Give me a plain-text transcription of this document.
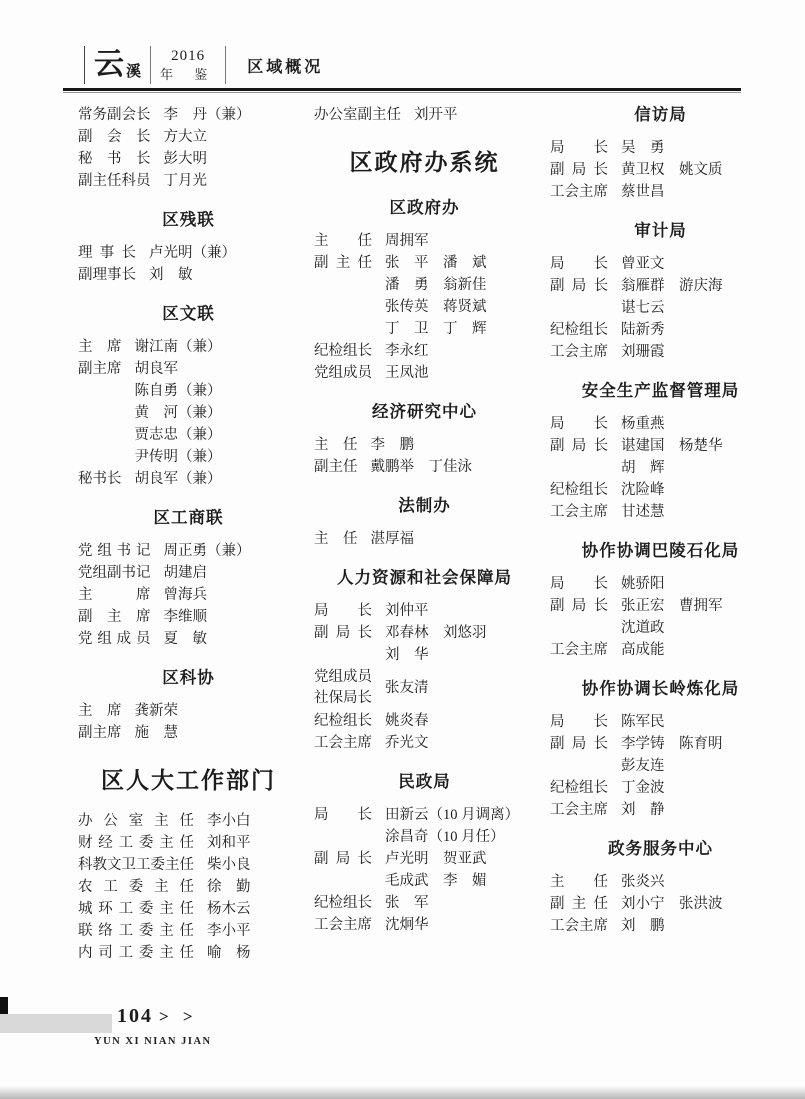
云 溪
2016
年 鉴 区域概况
常务副会长 李　丹（兼）
副会长 方大立
秘书长 彭大明
副主任科员 丁月光
区残联
理事长 卢光明（兼）
副理事长 刘　敏
区文联
主席 谢江南（兼）
副主席 胡良军
陈自勇（兼）
黄　河（兼）
贾志忠（兼）
尹传明（兼）
秘书长 胡良军（兼）
区工商联
党组书记 周正勇（兼）
党组副书记 胡建启
主席 曾海兵
副主席 李维顺
党组成员 夏　敏
区科协
主席 龚新荣
副主席 施　慧
区人大工作部门
办公室主任 李小白
财经工委主任 刘和平
科教文卫工委主任 柴小良
农工委主任 徐　勤
城环工委主任 杨木云
联络工委主任 李小平
内司工委主任 喻　杨
办公室副主任 刘开平
区政府办系统
区政府办
主任 周拥军
副主任 张　平　潘　斌
潘　勇　翁新佳
张传英　蒋贤斌
丁　卫　丁　辉
纪检组长 李永红
党组成员 王凤池
经济研究中心
主任 李　鹏
副主任 戴鹏举　丁佳泳
法制办
主任 湛厚福
人力资源和社会保障局
局长 刘仲平
副局长 邓春林　刘悠羽
刘　华
党组成员
社保局长
张友清
纪检组长 姚炎春
工会主席 乔光文
民政局
局长 田新云（10 月调离）
涂昌奇（10 月任）
副局长 卢光明　贺亚武
毛成武　李　媚
纪检组长 张　军
工会主席 沈炯华
信访局
局长 吴　勇
副局长 黄卫权　姚文质
工会主席 蔡世昌
审计局
局长 曾亚文
副局长 翁雁群　游庆海
谌七云
纪检组长 陆新秀
工会主席 刘珊霞
安全生产监督管理局
局长 杨重燕
副局长 谌建国　杨楚华
胡　辉
纪检组长 沈险峰
工会主席 甘述慧
协作协调巴陵石化局
局长 姚骄阳
副局长 张正宏　曹拥军
沈道政
工会主席 高成能
协作协调长岭炼化局
局长 陈军民
副局长 李学铸　陈育明
彭友连
纪检组长 丁金波
工会主席 刘　静
政务服务中心
主任 张炎兴
副主任 刘小宁　张洪波
工会主席 刘　鹏
104 > >
YUN XI NIAN JIAN
